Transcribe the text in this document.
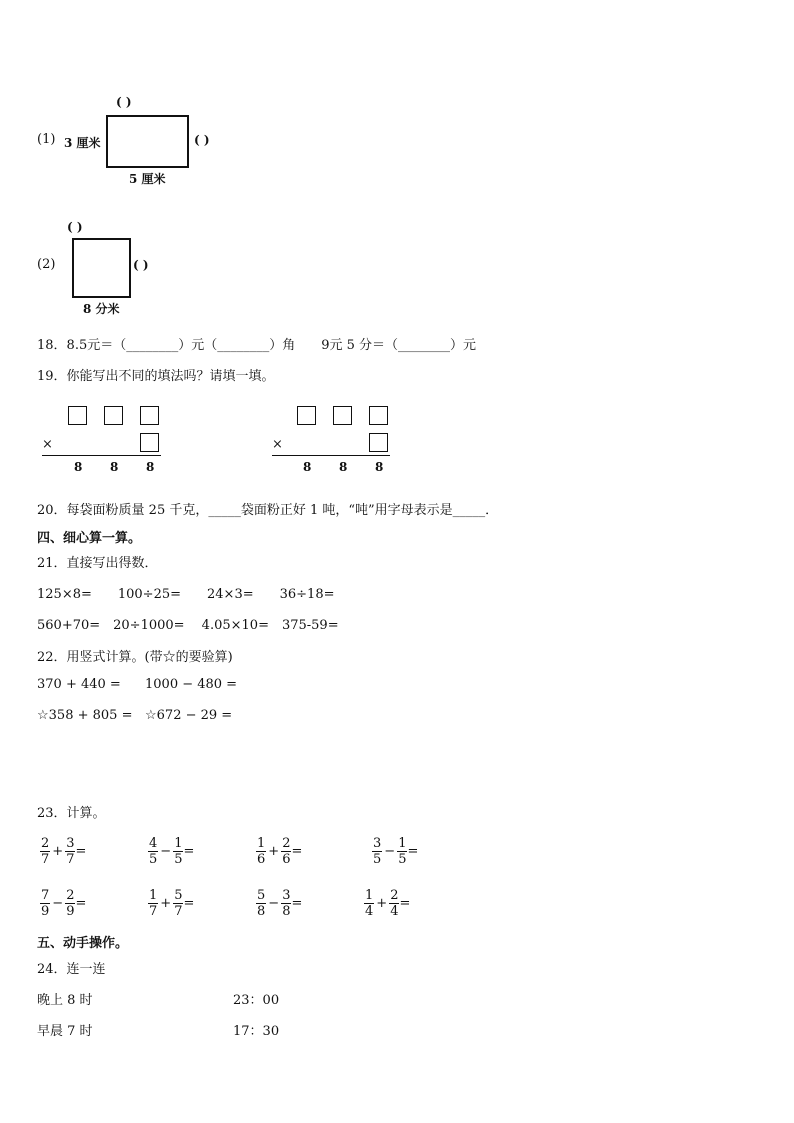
(1)
( )
3 厘米	( )
5 厘米
(2)
( )
( )
8 分米
18．8.5元＝（________）元（________）角　　9元 5 分＝（________）元
19．你能写出不同的填法吗？请填一填。
×
8 8 8
×
8 8 8
20．每袋面粉质量 25 千克，_____袋面粉正好 1 吨，“吨”用字母表示是_____．
四、细心算一算。
21．直接写出得数．
125×8=　　100÷25=　　24×3=　　36÷18=
560+70=　20÷1000=　 4.05×10=　375-59=
22．用竖式计算。(带☆的要验算)
370 + 440 = 1000 − 480 =
☆358 + 805 = ☆672 − 29 =
23．计算。
2
7
+ $\frac{3}{7}$ =
4
5
− $\frac{1}{5}$ =
1
6
+ $\frac{2}{6}$ =
3
5
− $\frac{1}{5}$ =
7
9
− $\frac{2}{9}$ =
1
7
+ $\frac{5}{7}$ =
5
8
− $\frac{3}{8}$ =
1
4
+ $\frac{2}{4}$ =
五、动手操作。
24．连一连
晚上 8 时	23：00
早晨 7 时	17：30
